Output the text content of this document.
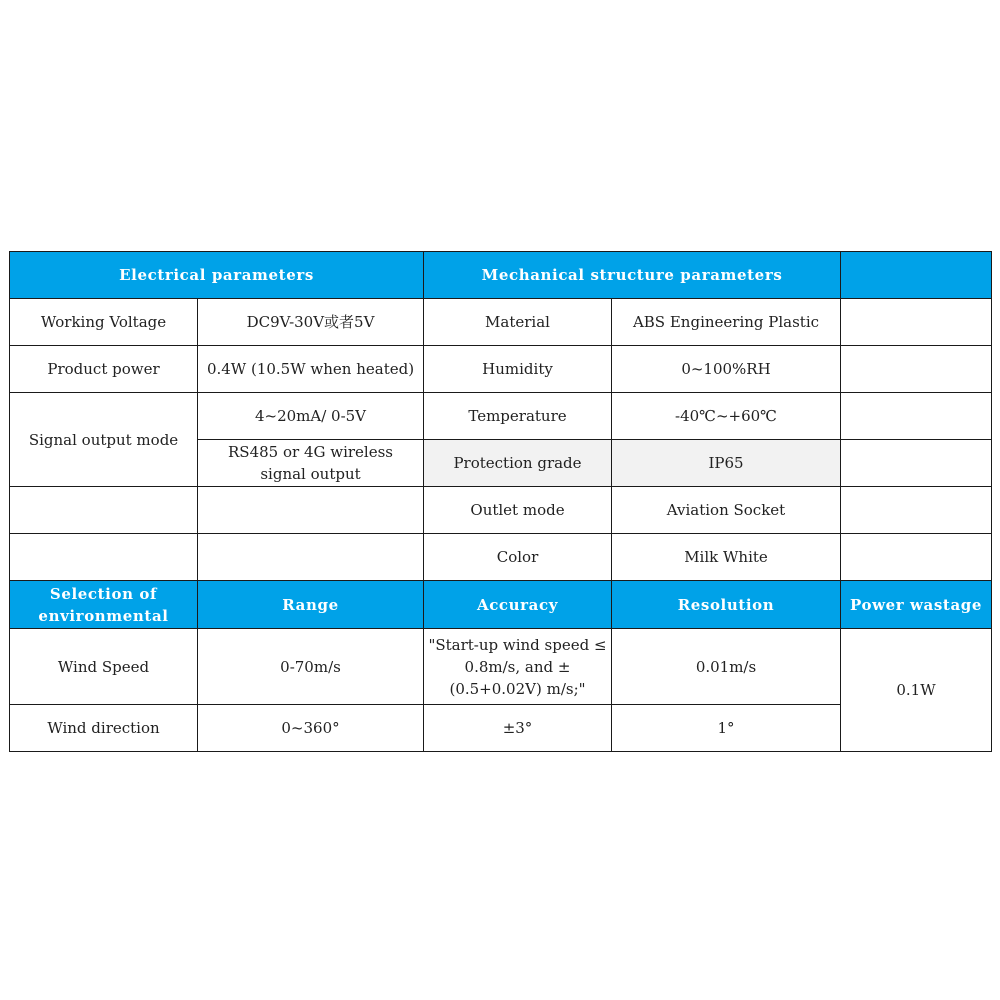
Electrical parameters		Mechanical structure parameters		
Working Voltage	DC9V-30V或者5V	Material	ABS Engineering Plastic	
Product power	0.4W (10.5W when heated)	Humidity	0~100%RH	
Signal output mode	4~20mA/ 0-5V	Temperature	-40℃~+60℃	
	RS485 or 4G wireless signal output	Protection grade	IP65	
		Outlet mode	Aviation Socket	
		Color	Milk White	
Selection of environmental	Range	Accuracy	Resolution	Power wastage
Wind Speed	0-70m/s	"Start-up wind speed ≤ 0.8m/s, and ± (0.5+0.02V) m/s;"	0.01m/s	0.1W
Wind direction	0~360°	±3°	1°	
